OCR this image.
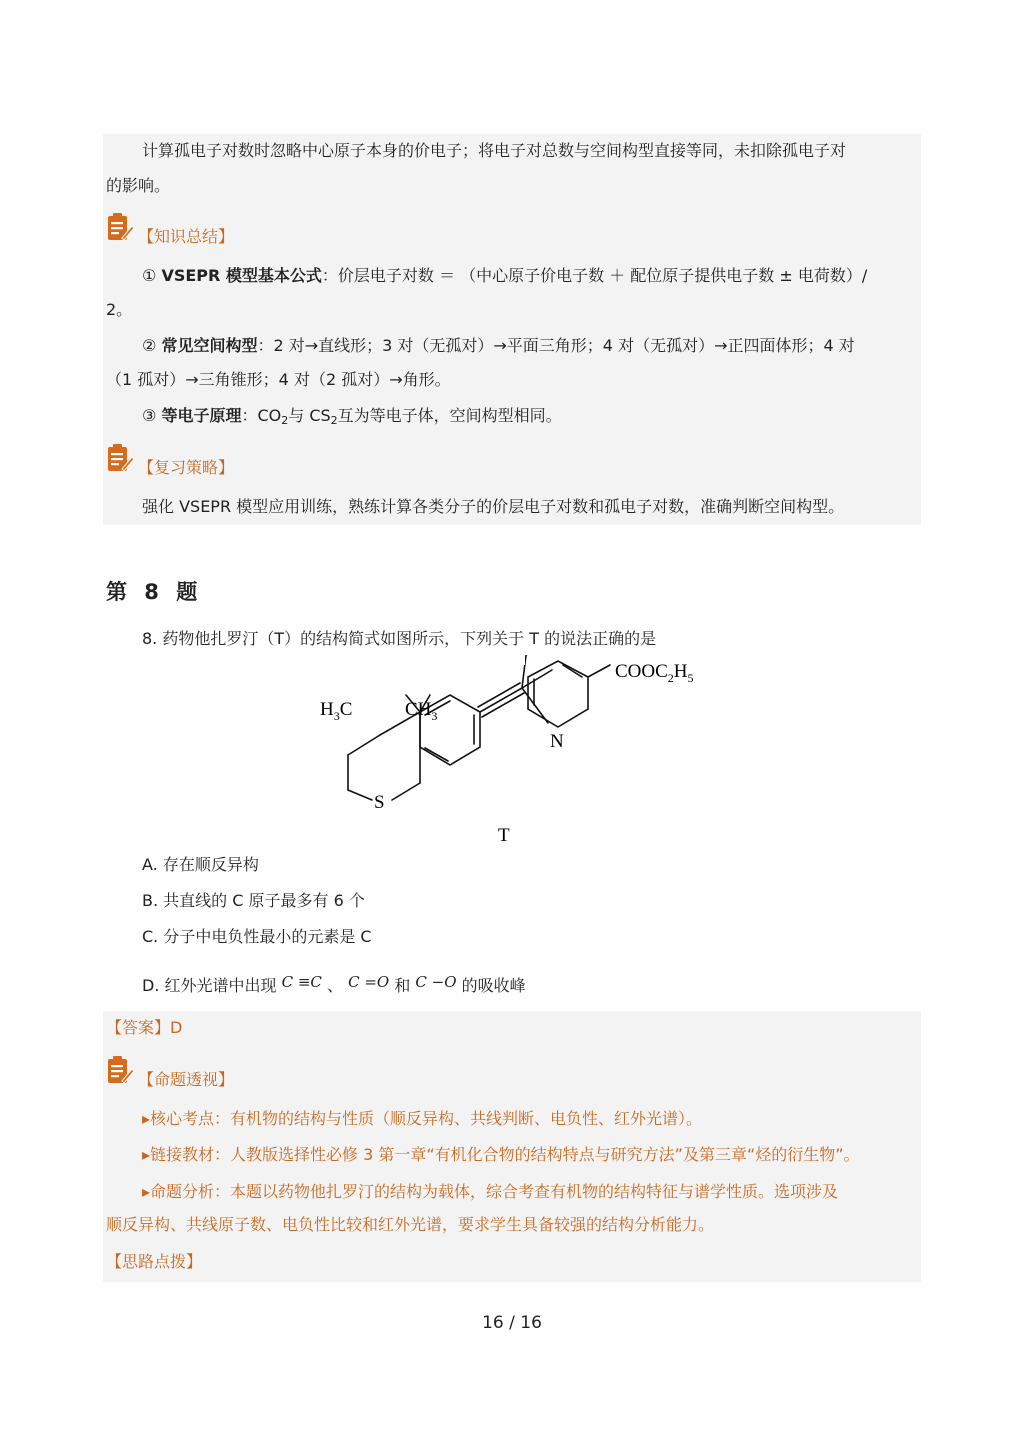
计算孤电子对数时忽略中心原子本身的价电子；将电子对总数与空间构型直接等同，未扣除孤电子对
的影响。
【知识总结】
① VSEPR 模型基本公式：价层电子对数 ＝ （中心原子价电子数 ＋ 配位原子提供电子数 ± 电荷数）/
2。
② 常见空间构型：2 对→直线形；3 对（无孤对）→平面三角形；4 对（无孤对）→正四面体形；4 对
（1 孤对）→三角锥形；4 对（2 孤对）→角形。
③ 等电子原理：$CO_2$与 $CS_2$互为等电子体，空间构型相同。
【复习策略】
强化 VSEPR 模型应用训练，熟练计算各类分子的价层电子对数和孤电子对数，准确判断空间构型。
第 8 题
8. 药物他扎罗汀（T）的结构简式如图所示，下列关于 T 的说法正确的是
$H_3C$	$CH_3$
S
N
$COOC_2H_5$
T
A. 存在顺反异构
B. 共直线的 C 原子最多有 6 个
C. 分子中电负性最小的元素是 C
D. 红外光谱中出现 C ≡C 、 C =O 和 C −O 的吸收峰
【答案】D
【命题透视】
▸核心考点：有机物的结构与性质（顺反异构、共线判断、电负性、红外光谱）。
▸链接教材：人教版选择性必修 3 第一章“有机化合物的结构特点与研究方法”及第三章“烃的衍生物”。
▸命题分析：本题以药物他扎罗汀的结构为载体，综合考查有机物的结构特征与谱学性质。选项涉及
顺反异构、共线原子数、电负性比较和红外光谱，要求学生具备较强的结构分析能力。
【思路点拨】
16 / 16
